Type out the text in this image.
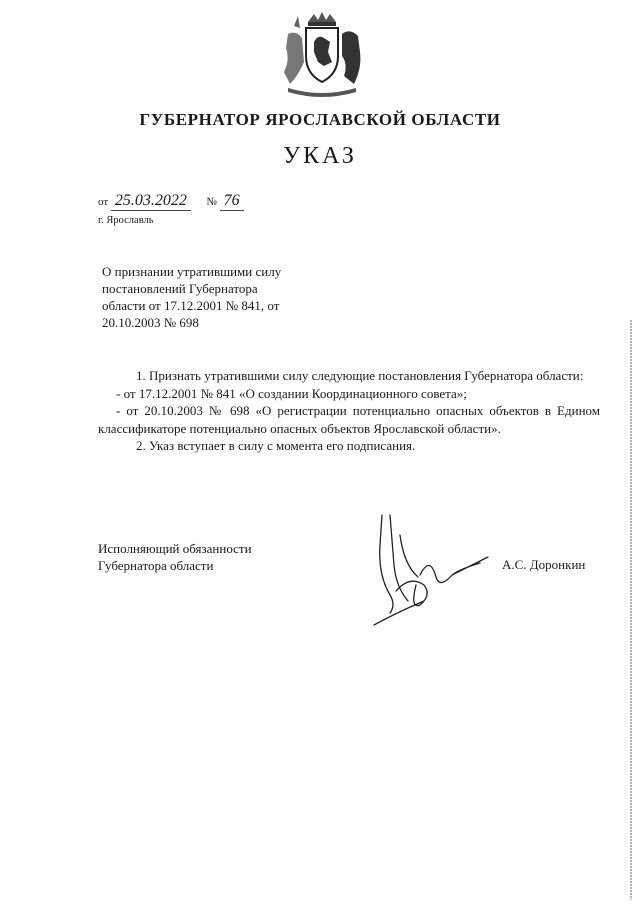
ГУБЕРНАТОР ЯРОСЛАВСКОЙ ОБЛАСТИ
УКАЗ
от 25.03.2022 № 76
г. Ярославль
О признании утратившими силу
постановлений Губернатора
области от 17.12.2001 № 841, от
20.10.2003 № 698

1. Признать утратившими силу следующие постановления Губернатора области:

- от 17.12.2001 № 841 «О создании Координационного совета»;

- от 20.10.2003 № 698 «О регистрации потенциально опасных объектов в Едином классификаторе потенциально опасных объектов Ярославской области».

2. Указ вступает в силу с момента его подписания.

Исполняющий обязанности
Губернатора области	А.С. Доронкин
